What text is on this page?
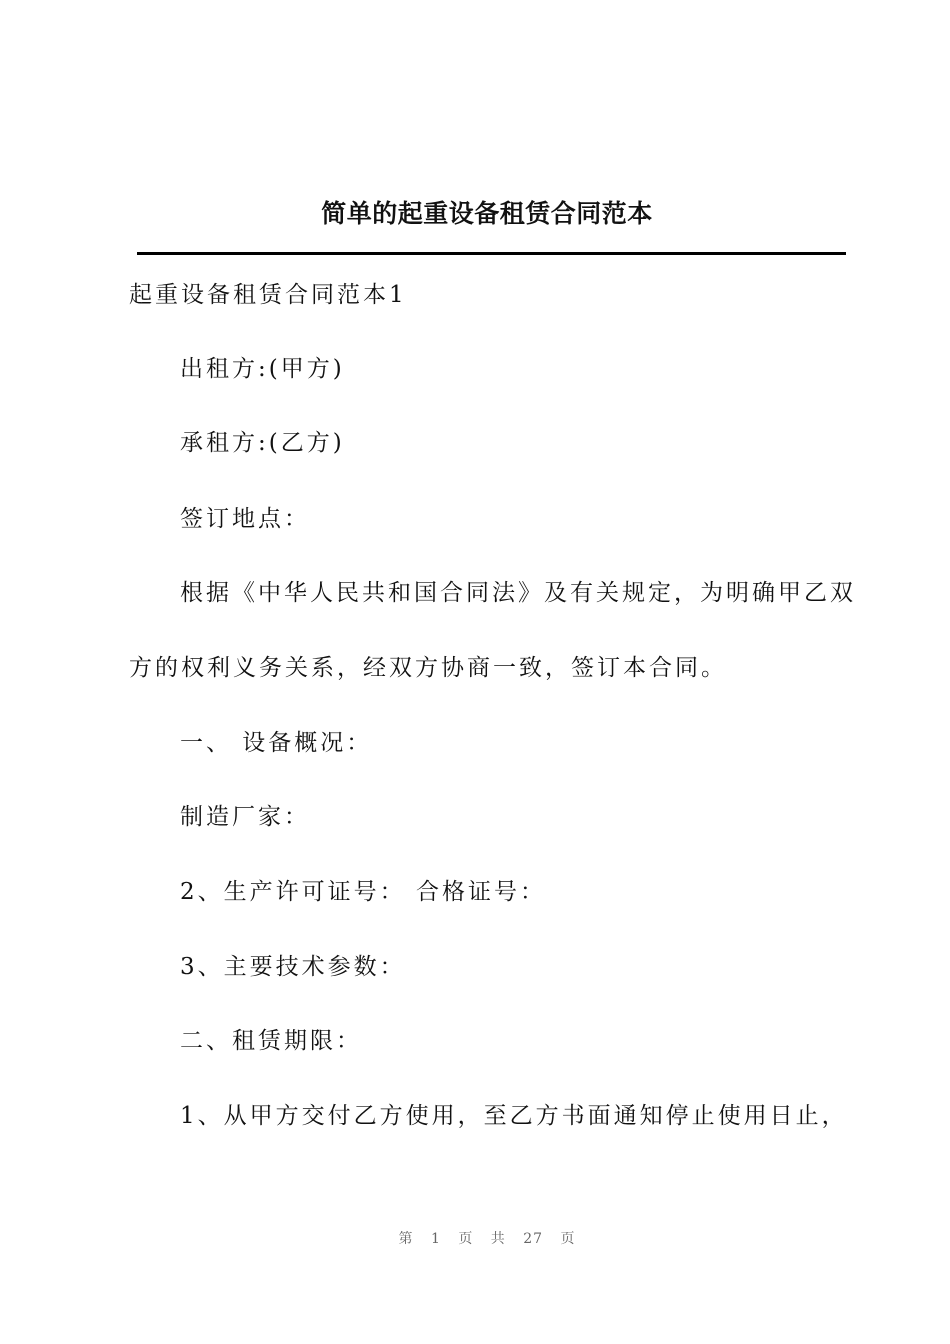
简单的起重设备租赁合同范本
起重设备租赁合同范本1
出租方:(甲方)
承租方:(乙方)
签订地点：
根据《中华人民共和国合同法》及有关规定，为明确甲乙双
方的权利义务关系，经双方协商一致，签订本合同。
一、 设备概况：
制造厂家：
2、生产许可证号： 合格证号：
3、主要技术参数：
二、租赁期限：
1、从甲方交付乙方使用，至乙方书面通知停止使用日止，
第 1 页 共 27 页
